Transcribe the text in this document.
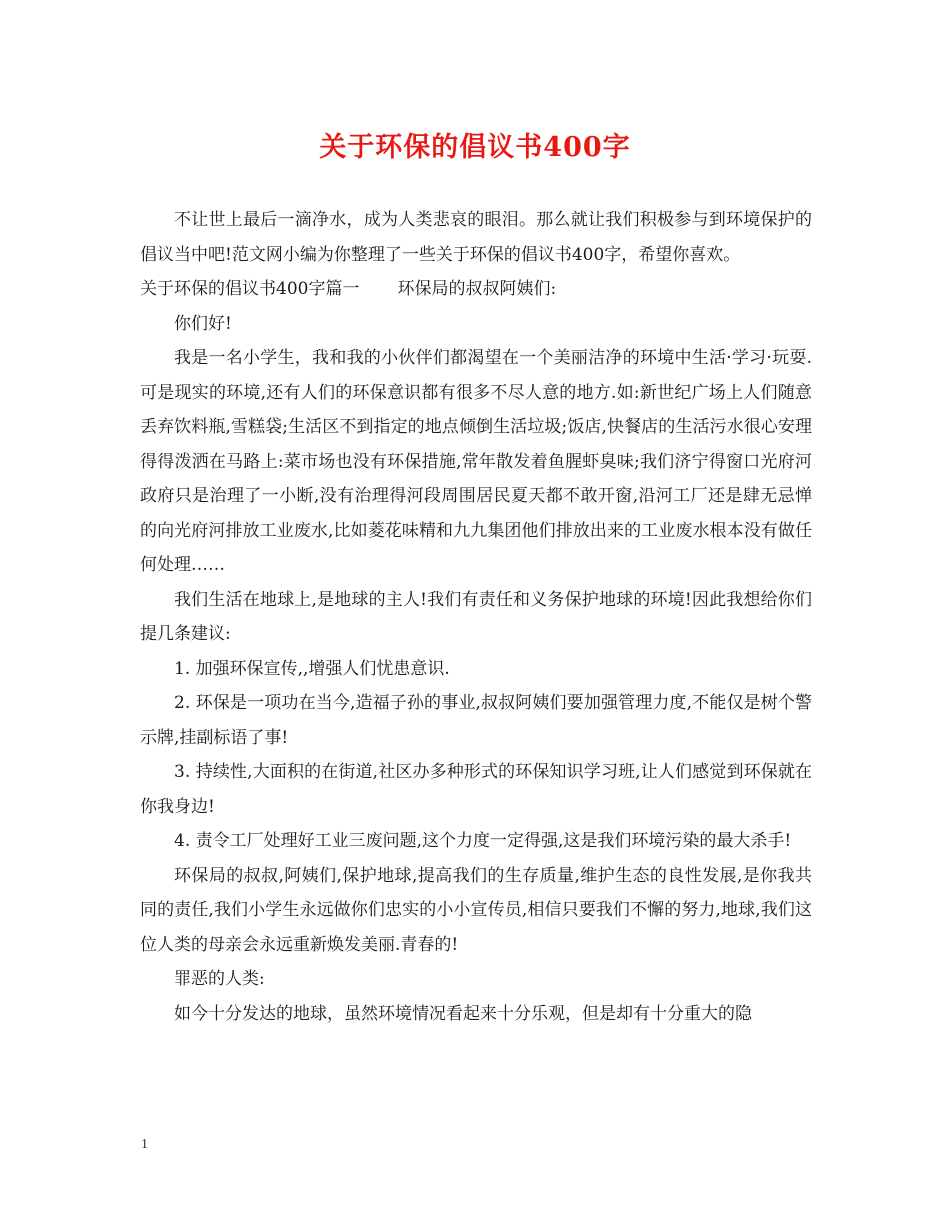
关于环保的倡议书400字

不让世上最后一滴净水，成为人类悲哀的眼泪。那么就让我们积极参与到环境保护的倡议当中吧!范文网小编为你整理了一些关于环保的倡议书400字，希望你喜欢。

关于环保的倡议书400字篇一 环保局的叔叔阿姨们:

你们好!

我是一名小学生，我和我的小伙伴们都渴望在一个美丽洁净的环境中生活·学习·玩耍.可是现实的环境,还有人们的环保意识都有很多不尽人意的地方.如:新世纪广场上人们随意丢弃饮料瓶,雪糕袋;生活区不到指定的地点倾倒生活垃圾;饭店,快餐店的生活污水很心安理得得泼洒在马路上:菜市场也没有环保措施,常年散发着鱼腥虾臭味;我们济宁得窗口光府河政府只是治理了一小断,没有治理得河段周围居民夏天都不敢开窗,沿河工厂还是肆无忌惮的向光府河排放工业废水,比如菱花味精和九九集团他们排放出来的工业废水根本没有做任何处理……

我们生活在地球上,是地球的主人!我们有责任和义务保护地球的环境!因此我想给你们提几条建议:

1. 加强环保宣传,,增强人们忧患意识.

2. 环保是一项功在当今,造福子孙的事业,叔叔阿姨们要加强管理力度,不能仅是树个警示牌,挂副标语了事!

3. 持续性,大面积的在街道,社区办多种形式的环保知识学习班,让人们感觉到环保就在你我身边!

4. 责令工厂处理好工业三废问题,这个力度一定得强,这是我们环境污染的最大杀手!

环保局的叔叔,阿姨们,保护地球,提高我们的生存质量,维护生态的良性发展,是你我共同的责任,我们小学生永远做你们忠实的小小宣传员,相信只要我们不懈的努力,地球,我们这位人类的母亲会永远重新焕发美丽.青春的!

罪恶的人类:

如今十分发达的地球，虽然环境情况看起来十分乐观，但是却有十分重大的隐

1
